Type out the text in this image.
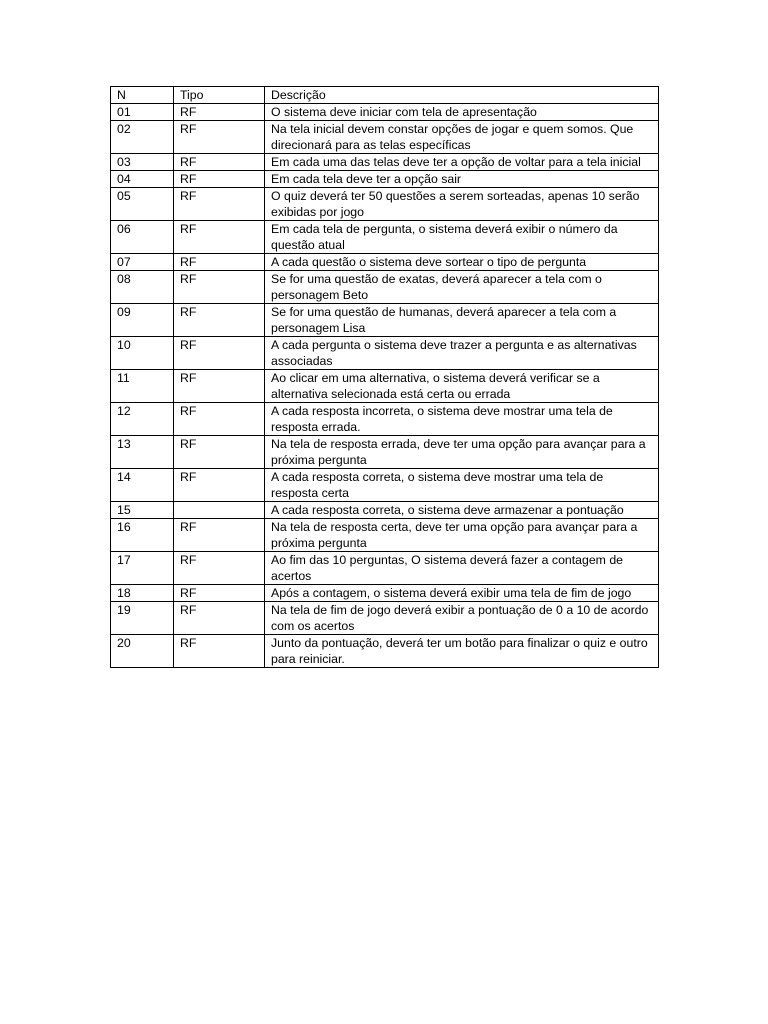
N	Tipo	Descrição
01	RF	O sistema deve iniciar com tela de apresentação
02	RF	Na tela inicial devem constar opções de jogar e quem somos. Que direcionará para as telas específicas
03	RF	Em cada uma das telas deve ter a opção de voltar para a tela inicial
04	RF	Em cada tela deve ter a opção sair
05	RF	O quiz deverá ter 50 questões a serem sorteadas, apenas 10 serão exibidas por jogo
06	RF	Em cada tela de pergunta, o sistema deverá exibir o número da questão atual
07	RF	A cada questão o sistema deve sortear o tipo de pergunta
08	RF	Se for uma questão de exatas, deverá aparecer a tela com o personagem Beto
09	RF	Se for uma questão de humanas, deverá aparecer a tela com a personagem Lisa
10	RF	A cada pergunta o sistema deve trazer a pergunta e as alternativas associadas
11	RF	Ao clicar em uma alternativa, o sistema deverá verificar se a alternativa selecionada está certa ou errada
12	RF	A cada resposta incorreta, o sistema deve mostrar uma tela de resposta errada.
13	RF	Na tela de resposta errada, deve ter uma opção para avançar para a próxima pergunta
14	RF	A cada resposta correta, o sistema deve mostrar uma tela de resposta certa
15		A cada resposta correta, o sistema deve armazenar a pontuação
16	RF	Na tela de resposta certa, deve ter uma opção para avançar para a próxima pergunta
17	RF	Ao fim das 10 perguntas, O sistema deverá fazer a contagem de acertos
18	RF	Após a contagem, o sistema deverá exibir uma tela de fim de jogo
19	RF	Na tela de fim de jogo deverá exibir a pontuação de 0 a 10 de acordo com os acertos
20	RF	Junto da pontuação, deverá ter um botão para finalizar o quiz e outro para reiniciar.
